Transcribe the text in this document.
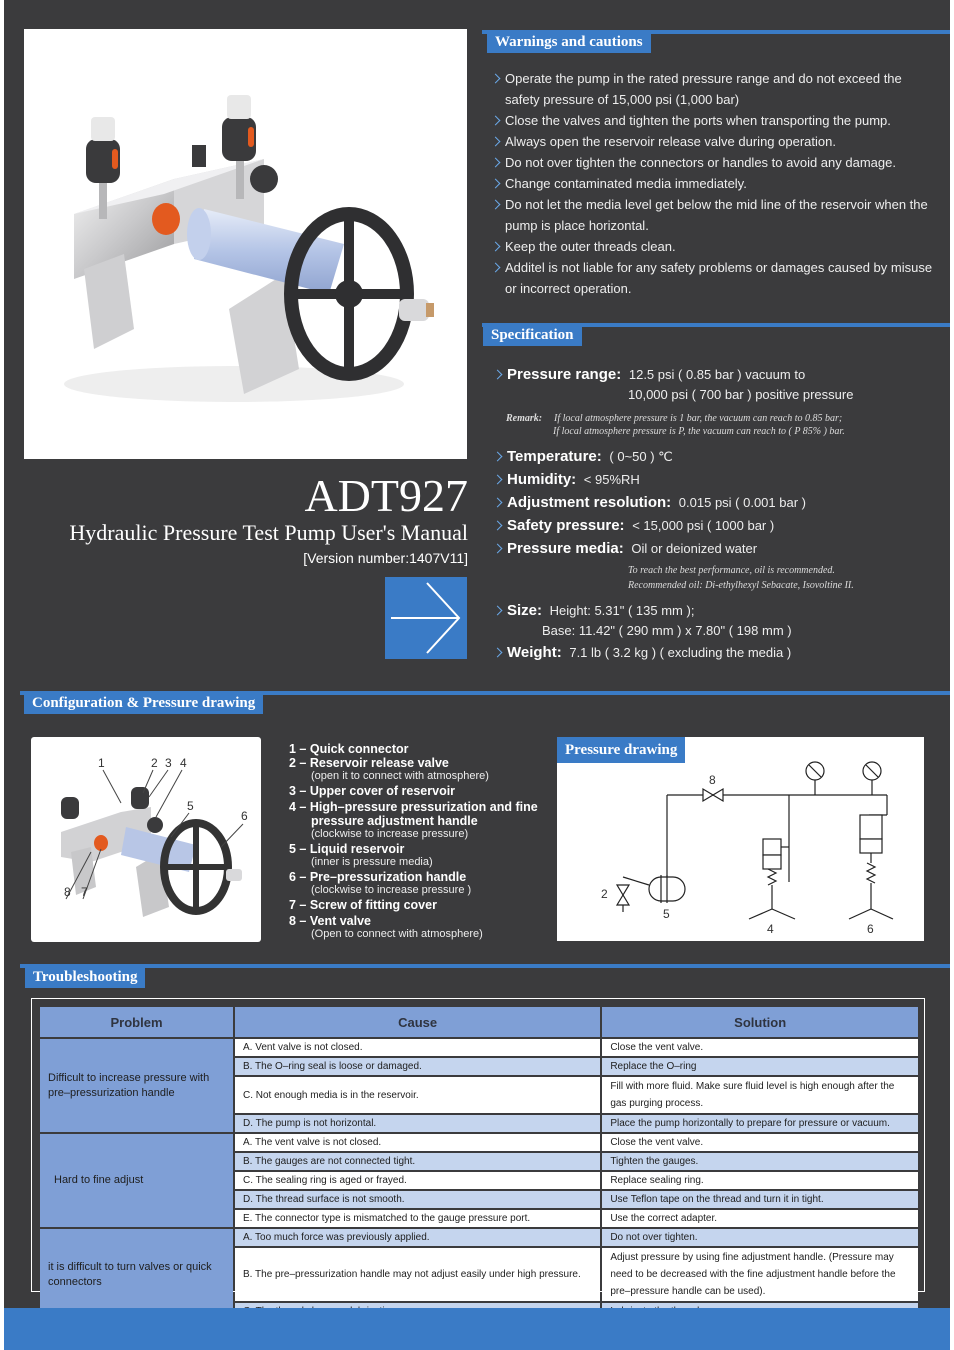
ADT927
Hydraulic Pressure Test Pump User's Manual
[Version number:1407V11]
Warnings and cautions
Operate the pump in the rated pressure range and do not exceed the safety pressure of 15,000 psi (1,000 bar)
Close the valves and tighten the ports when transporting the pump.
Always open the reservoir release valve during operation.
Do not over tighten the connectors or handles to avoid any damage.
Change contaminated media immediately.
Do not let the media level get below the mid line of the reservoir when the pump is place horizontal.
Keep the outer threads clean.
Additel is not liable for any safety problems or damages caused by misuse or incorrect operation.
Specification
Pressure range: 12.5 psi ( 0.85 bar ) vacuum to
10,000 psi ( 700 bar ) positive pressure
Remark: If local atmosphere pressure is 1 bar, the vacuum can reach to 0.85 bar;
If local atmosphere pressure is P, the vacuum can reach to ( P 85% ) bar.
Temperature: ( 0~50 ) ℃
Humidity: < 95%RH
Adjustment resolution: 0.015 psi ( 0.001 bar )
Safety pressure: < 15,000 psi ( 1000 bar )
Pressure media: Oil or deionized water
To reach the best performance, oil is recommended.
Recommended oil: Di-ethylhexyl Sebacate, Isovoltine II.
Size: Height: 5.31" ( 135 mm );
Base: 11.42" ( 290 mm ) x 7.80" ( 198 mm )
Weight: 7.1 lb ( 3.2 kg ) ( excluding the media )
Configuration & Pressure drawing
1	2 3 4
5
6
8 7
1 – Quick connector
2 – Reservoir release valve
(open it to connect with atmosphere)
3 – Upper cover of reservoir
4 – High–pressure pressurization and fine pressure adjustment handle
(clockwise to increase pressure)
5 – Liquid reservoir
(inner is pressure media)
6 – Pre–pressurization handle
(clockwise to increase pressure )
7 – Screw of fitting cover
8 – Vent valve
(Open to connect with atmosphere)
Pressure drawing
8
2
5
4	6
Troubleshooting
Problem	Cause	Solution
Difficult to increase pressure with pre–pressurization handle	A. Vent valve is not closed.	Close the vent valve.
	B. The O–ring seal is loose or damaged.	Replace the O–ring
	C. Not enough media is in the reservoir.	Fill with more fluid. Make sure fluid level is high enough after the gas purging process.
	D. The pump is not horizontal.	Place the pump horizontally to prepare for pressure or vacuum.
Hard to fine adjust	A. The vent valve is not closed.	Close the vent valve.
	B. The gauges are not connected tight.	Tighten the gauges.
	C. The sealing ring is aged or frayed.	Replace sealing ring.
	D. The thread surface is not smooth.	Use Teflon tape on the thread and turn it in tight.
	E. The connector type is mismatched to the gauge pressure port.	Use the correct adapter.
it is difficult to turn valves or quick connectors	A. Too much force was previously applied.	Do not over tighten.
	B. The pre–pressurization handle may not adjust easily under high pressure.	Adjust pressure by using fine adjustment handle. (Pressure may need to be decreased with the fine adjustment handle before the pre–pressure handle can be used).
